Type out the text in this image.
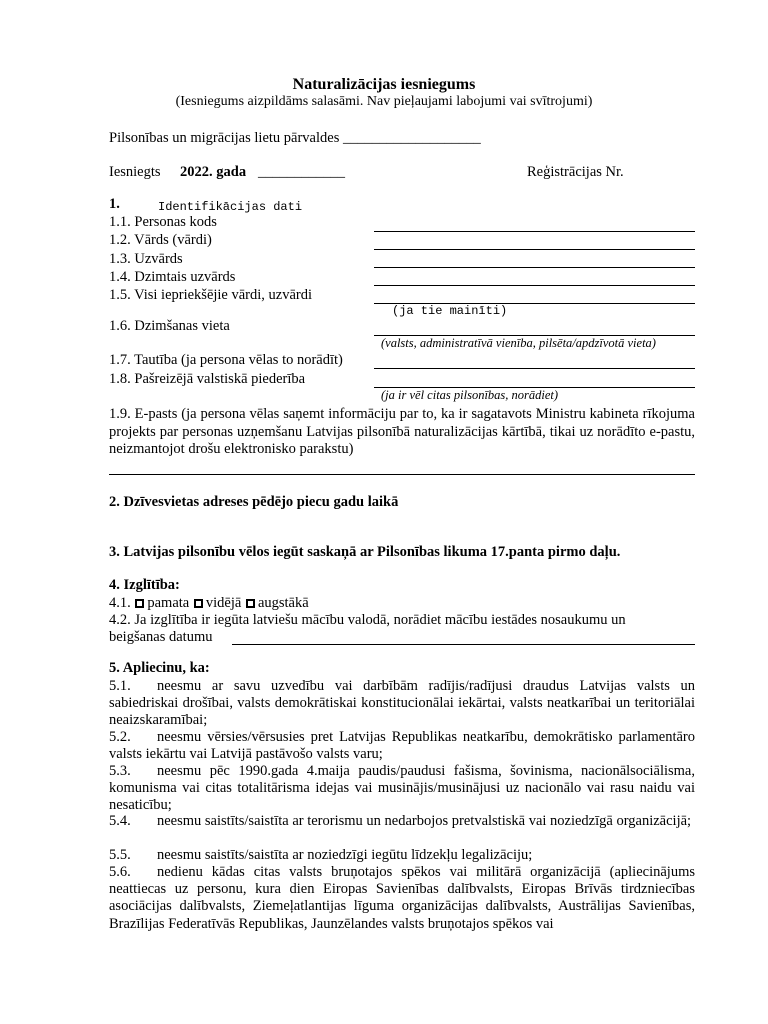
Naturalizācijas iesniegums
(Iesniegums aizpildāms salasāmi. Nav pieļaujami labojumi vai svītrojumi)
Pilsonības un migrācijas lietu pārvaldes ___________________
Iesniegts 2022. gada ____________	Reģistrācijas Nr.
1.	Identifikācijas dati
1.1. Personas kods
1.2. Vārds (vārdi)
1.3. Uzvārds
1.4. Dzimtais uzvārds
1.5. Visi iepriekšējie vārdi, uzvārdi
(ja tie mainīti)
1.6. Dzimšanas vieta
(valsts, administratīvā vienība, pilsēta/apdzīvotā vieta)
1.7. Tautība (ja persona vēlas to norādīt)
1.8. Pašreizējā valstiskā piederība
(ja ir vēl citas pilsonības, norādiet)
1.9. E-pasts (ja persona vēlas saņemt informāciju par to, ka ir sagatavots Ministru kabineta rīkojuma projekts par personas uzņemšanu Latvijas pilsonībā naturalizācijas kārtībā, tikai uz norādīto e-pastu, neizmantojot drošu elektronisko parakstu)
2. Dzīvesvietas adreses pēdējo piecu gadu laikā
3. Latvijas pilsonību vēlos iegūt saskaņā ar Pilsonības likuma 17.panta pirmo daļu.
4. Izglītība:
4.1. pamata vidējā augstākā
4.2. Ja izglītība ir iegūta latviešu mācību valodā, norādiet mācību iestādes nosaukumu un
beigšanas datumu
5. Apliecinu, ka:
5.1. neesmu ar savu uzvedību vai darbībām radījis/radījusi draudus Latvijas valsts un sabiedriskai drošībai, valsts demokrātiskai konstitucionālai iekārtai, valsts neatkarībai un teritoriālai neaizskaramībai;
5.2. neesmu vērsies/vērsusies pret Latvijas Republikas neatkarību, demokrātisko parlamentāro valsts iekārtu vai Latvijā pastāvošo valsts varu;
5.3. neesmu pēc 1990.gada 4.maija paudis/paudusi fašisma, šovinisma, nacionālsociālisma, komunisma vai citas totalitārisma idejas vai musinājis/musinājusi uz nacionālo vai rasu naidu vai nesaticību;
5.4. neesmu saistīts/saistīta ar terorismu un nedarbojos pretvalstiskā vai noziedzīgā organizācijā;
5.5. neesmu saistīts/saistīta ar noziedzīgi iegūtu līdzekļu legalizāciju;
5.6. nedienu kādas citas valsts bruņotajos spēkos vai militārā organizācijā (apliecinājums neattiecas uz personu, kura dien Eiropas Savienības dalībvalsts, Eiropas Brīvās tirdzniecības asociācijas dalībvalsts, Ziemeļatlantijas līguma organizācijas dalībvalsts, Austrālijas Savienības, Brazīlijas Federatīvās Republikas, Jaunzēlandes valsts bruņotajos spēkos vai
